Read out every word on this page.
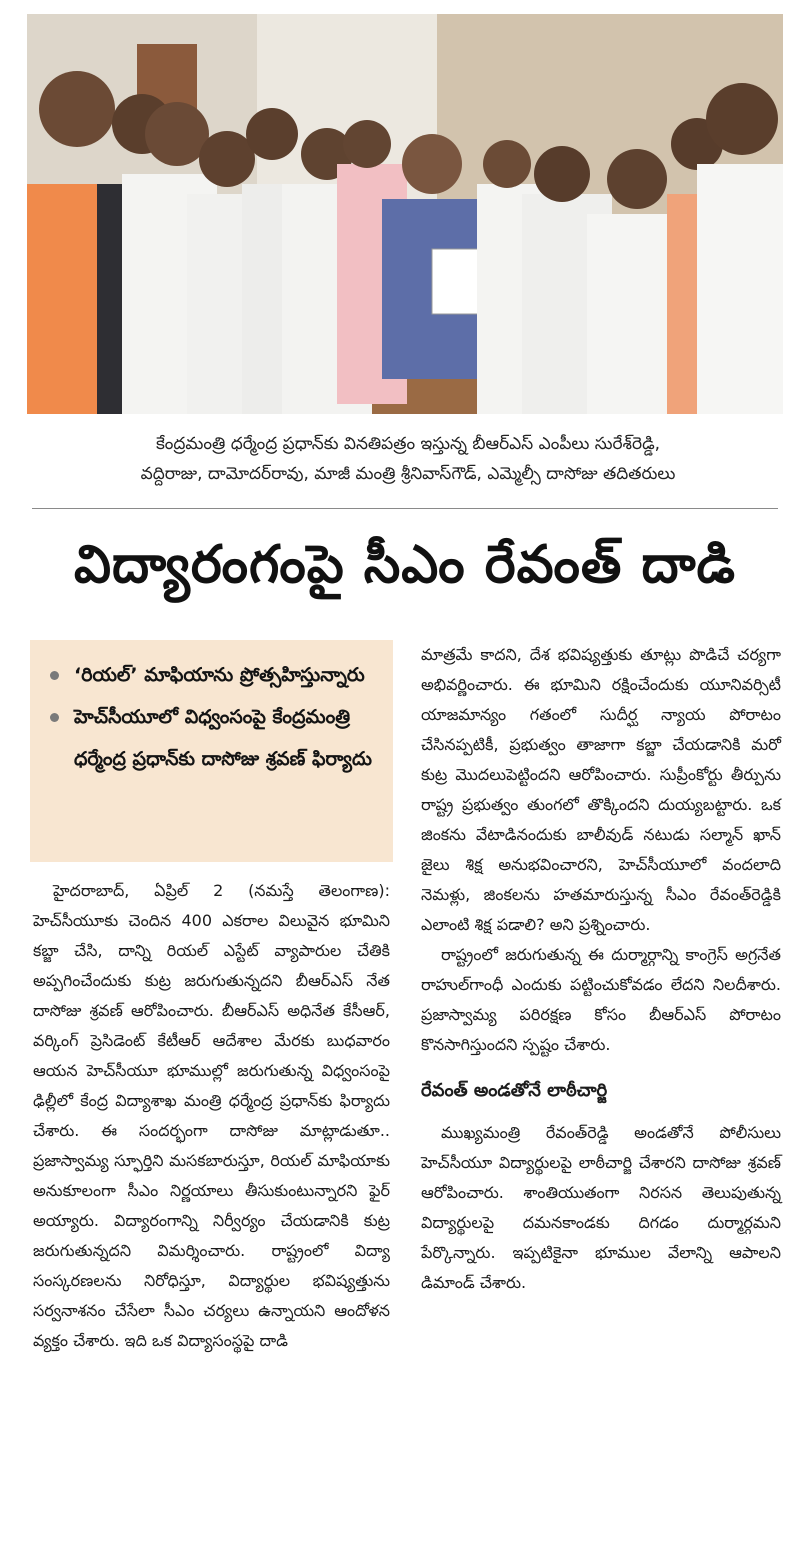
కేంద్రమంత్రి ధర్మేంద్ర ప్రధాన్‌కు వినతిపత్రం ఇస్తున్న బీఆర్‌ఎస్ ఎంపీలు సురేశ్‌రెడ్డి,
వద్దిరాజు, దామోదర్‌రావు, మాజీ మంత్రి శ్రీనివాస్‌గౌడ్, ఎమ్మెల్సీ దాసోజు తదితరులు
విద్యారంగంపై సీఎం రేవంత్ దాడి
‘రియల్’ మాఫియాను ప్రోత్సహిస్తున్నారు
హెచ్‌సీయూలో విధ్వంసంపై కేంద్రమంత్రి ధర్మేంద్ర ప్రధాన్‌కు దాసోజు శ్రవణ్ ఫిర్యాదు

హైదరాబాద్, ఏప్రిల్ 2 (నమస్తే తెలంగాణ): హెచ్‌సీయూకు చెందిన 400 ఎకరాల విలువైన భూమిని కబ్జా చేసి, దాన్ని రియల్ ఎస్టేట్ వ్యాపారుల చేతికి అప్పగించేందుకు కుట్ర జరుగుతున్నదని బీఆర్‌ఎస్ నేత దాసోజు శ్రవణ్ ఆరోపించారు. బీఆర్‌ఎస్ అధినేత కేసీఆర్, వర్కింగ్ ప్రెసిడెంట్ కేటీఆర్ ఆదేశాల మేరకు బుధవారం ఆయన హెచ్‌సీయూ భూముల్లో జరుగుతున్న విధ్వంసంపై ఢిల్లీలో కేంద్ర విద్యాశాఖ మంత్రి ధర్మేంద్ర ప్రధాన్‌కు ఫిర్యాదు చేశారు. ఈ సందర్భంగా దాసోజు మాట్లాడుతూ.. ప్రజాస్వామ్య స్ఫూర్తిని మసకబారుస్తూ, రియల్ మాఫియాకు అనుకూలంగా సీఎం నిర్ణయాలు తీసుకుంటున్నారని ఫైర్ అయ్యారు. విద్యారంగాన్ని నిర్వీర్యం చేయడానికి కుట్ర జరుగుతున్నదని విమర్శించారు. రాష్ట్రంలో విద్యా సంస్కరణలను నిరోధిస్తూ, విద్యార్థుల భవిష్యత్తును సర్వనాశనం చేసేలా సీఎం చర్యలు ఉన్నాయని ఆందోళన వ్యక్తం చేశారు. ఇది ఒక విద్యాసంస్థపై దాడి

మాత్రమే కాదని, దేశ భవిష్యత్తుకు తూట్లు పొడిచే చర్యగా అభివర్ణించారు. ఈ భూమిని రక్షించేందుకు యూనివర్సిటీ యాజమాన్యం గతంలో సుదీర్ఘ న్యాయ పోరాటం చేసినప్పటికీ, ప్రభుత్వం తాజాగా కబ్జా చేయడానికి మరో కుట్ర మొదలుపెట్టిందని ఆరోపించారు. సుప్రీంకోర్టు తీర్పును రాష్ట్ర ప్రభుత్వం తుంగలో తొక్కిందని దుయ్యబట్టారు. ఒక జింకను వేటాడినందుకు బాలీవుడ్ నటుడు సల్మాన్ ఖాన్ జైలు శిక్ష అనుభవించారని, హెచ్‌సీయూలో వందలాది నెమళ్లు, జింకలను హతమారుస్తున్న సీఎం రేవంత్‌రెడ్డికి ఎలాంటి శిక్ష పడాలి? అని ప్రశ్నించారు.

రాష్ట్రంలో జరుగుతున్న ఈ దుర్మార్గాన్ని కాంగ్రెస్ అగ్రనేత రాహుల్‌గాంధీ ఎందుకు పట్టించుకోవడం లేదని నిలదీశారు. ప్రజాస్వామ్య పరిరక్షణ కోసం బీఆర్‌ఎస్ పోరాటం కొనసాగిస్తుందని స్పష్టం చేశారు.

రేవంత్ అండతోనే లాఠీచార్జి

ముఖ్యమంత్రి రేవంత్‌రెడ్డి అండతోనే పోలీసులు హెచ్‌సీయూ విద్యార్థులపై లాఠీచార్జి చేశారని దాసోజు శ్రవణ్ ఆరోపించారు. శాంతియుతంగా నిరసన తెలుపుతున్న విద్యార్థులపై దమనకాండకు దిగడం దుర్మార్గమని పేర్కొన్నారు. ఇప్పటికైనా భూముల వేలాన్ని ఆపాలని డిమాండ్ చేశారు.
